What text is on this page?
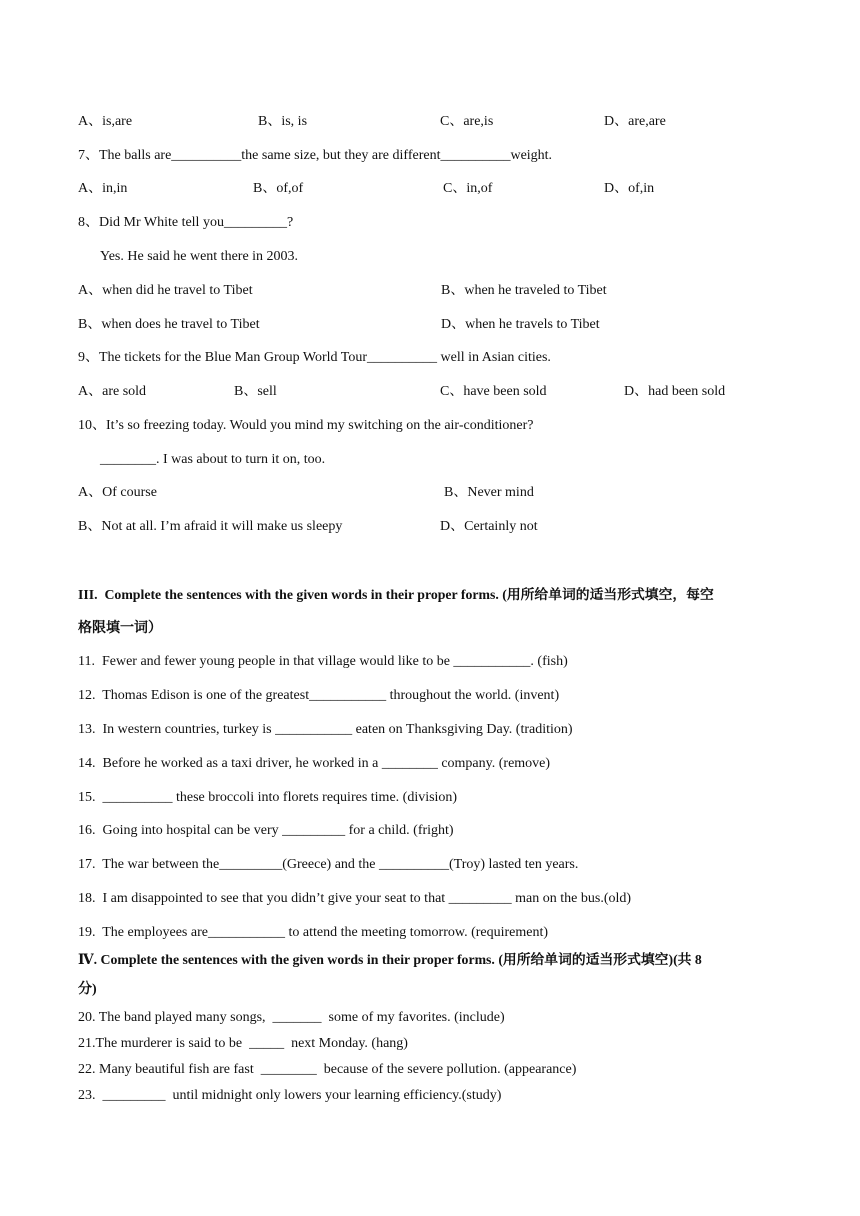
A、is,are	B、is, is	C、are,is	D、are,are
7、The balls are__________the same size, but they are different__________weight.
A、in,in	B、of,of	C、in,of	D、of,in
8、Did Mr White tell you_________?
Yes. He said he went there in 2003.
A、when did he travel to Tibet	B、when he traveled to Tibet
B、when does he travel to Tibet	D、when he travels to Tibet
9、The tickets for the Blue Man Group World Tour__________ well in Asian cities.
A、are sold	B、sell	C、have been sold	D、had been sold
10、It’s so freezing today. Would you mind my switching on the air-conditioner?
________. I was about to turn it on, too.
A、Of course	B、Never mind
B、Not at all. I’m afraid it will make us sleepy	D、Certainly not
III.  Complete the sentences with the given words in their proper forms. (用所给单词的适当形式填空，每空
格限填一词）
11.  Fewer and fewer young people in that village would like to be ___________. (fish)
12.  Thomas Edison is one of the greatest___________ throughout the world. (invent)
13.  In western countries, turkey is ___________ eaten on Thanksgiving Day. (tradition)
14.  Before he worked as a taxi driver, he worked in a ________ company. (remove)
15.  __________ these broccoli into florets requires time. (division)
16.  Going into hospital can be very _________ for a child. (fright)
17.  The war between the_________(Greece) and the __________(Troy) lasted ten years.
18.  I am disappointed to see that you didn’t give your seat to that _________ man on the bus.(old)
19.  The employees are___________ to attend the meeting tomorrow. (requirement)
Ⅳ. Complete the sentences with the given words in their proper forms. (用所给单词的适当形式填空)(共 8
分)
20. The band played many songs,  _______  some of my favorites. (include)
21.The murderer is said to be  _____  next Monday. (hang)
22. Many beautiful fish are fast  ________  because of the severe pollution. (appearance)
23.  _________  until midnight only lowers your learning efficiency.(study)
